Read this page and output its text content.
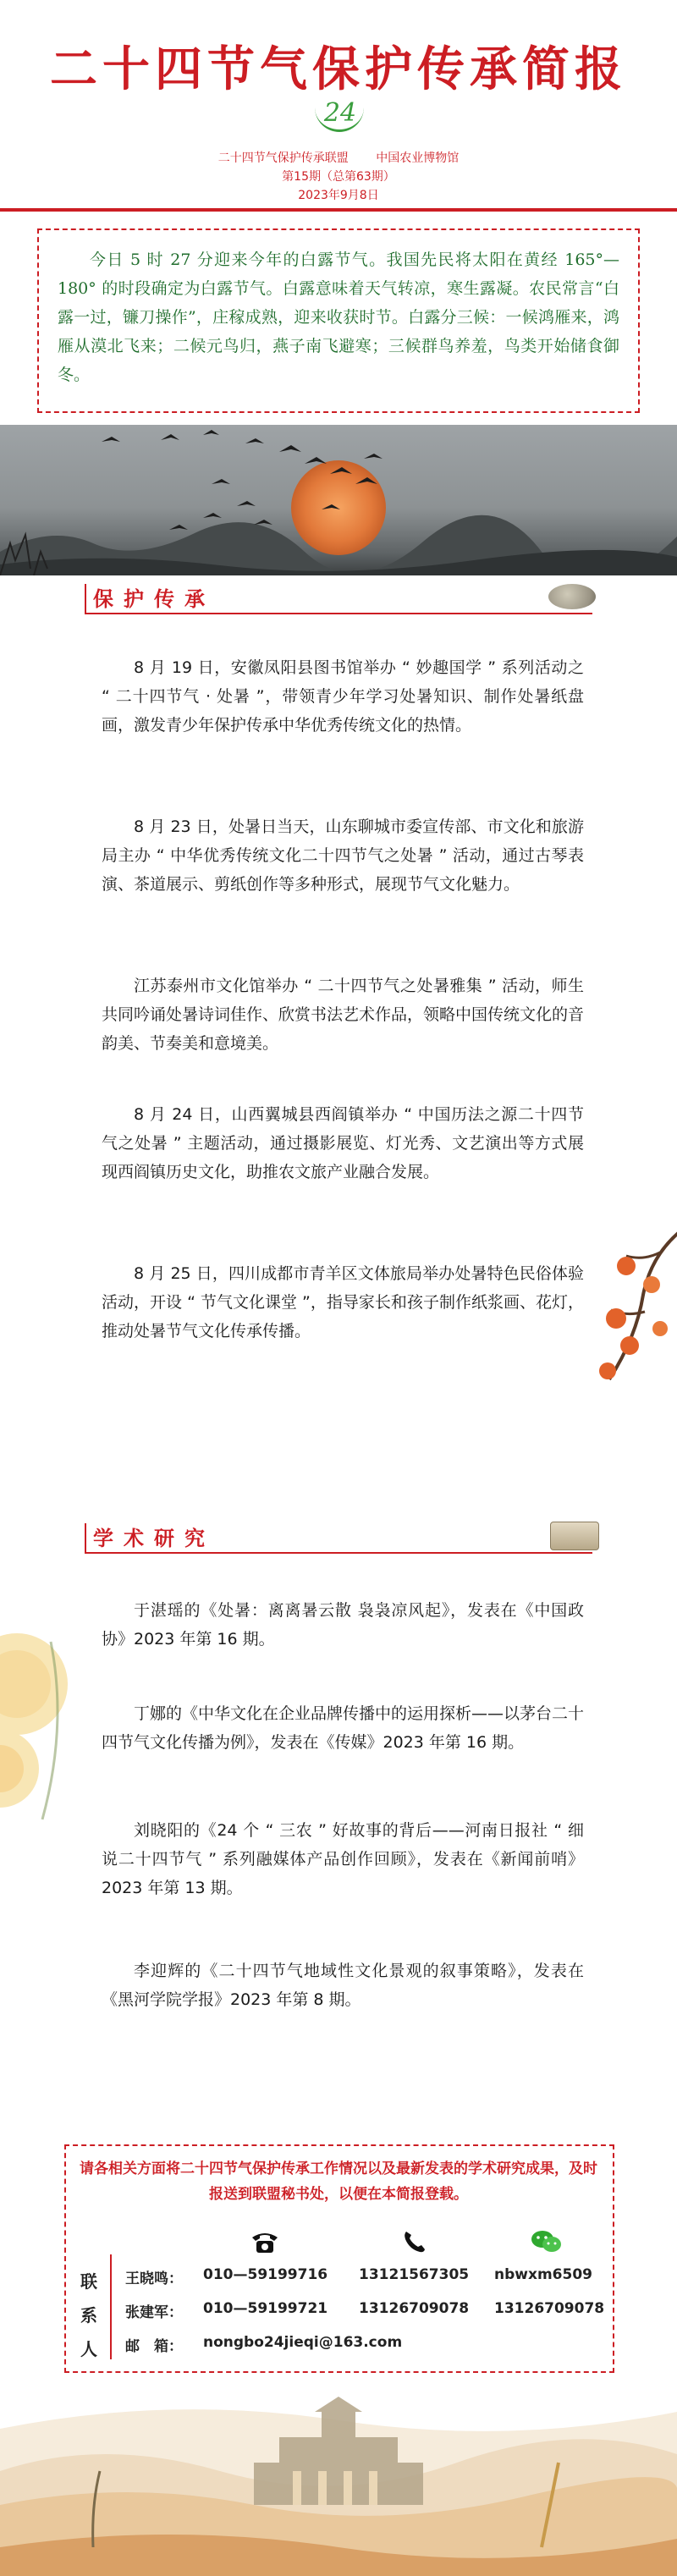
二十四节气保护传承简报
24
二十四节气保护传承联盟 中国农业博物馆
第15期（总第63期）
2023年9月8日
今日 5 时 27 分迎来今年的白露节气。我国先民将太阳在黄经 165°—180° 的时段确定为白露节气。白露意味着天气转凉，寒生露凝。农民常言“白露一过，镰刀操作”，庄稼成熟，迎来收获时节。白露分三候：一候鸿雁来，鸿雁从漠北飞来；二候元鸟归，燕子南飞避寒；三候群鸟养羞，鸟类开始储食御冬。
保护传承
8 月 19 日，安徽凤阳县图书馆举办 “ 妙趣国学 ” 系列活动之 “ 二十四节气 · 处暑 ”，带领青少年学习处暑知识、制作处暑纸盘画，激发青少年保护传承中华优秀传统文化的热情。
8 月 23 日，处暑日当天，山东聊城市委宣传部、市文化和旅游局主办 “ 中华优秀传统文化二十四节气之处暑 ” 活动，通过古琴表演、茶道展示、剪纸创作等多种形式，展现节气文化魅力。
江苏泰州市文化馆举办 “ 二十四节气之处暑雅集 ” 活动，师生共同吟诵处暑诗词佳作、欣赏书法艺术作品，领略中国传统文化的音韵美、节奏美和意境美。
8 月 24 日，山西翼城县西阎镇举办 “ 中国历法之源二十四节气之处暑 ” 主题活动，通过摄影展览、灯光秀、文艺演出等方式展现西阎镇历史文化，助推农文旅产业融合发展。
8 月 25 日，四川成都市青羊区文体旅局举办处暑特色民俗体验活动，开设 “ 节气文化课堂 ”，指导家长和孩子制作纸浆画、花灯，推动处暑节气文化传承传播。
学术研究
于湛瑶的《处暑：离离暑云散 袅袅凉风起》，发表在《中国政协》2023 年第 16 期。
丁娜的《中华文化在企业品牌传播中的运用探析——以茅台二十四节气文化传播为例》，发表在《传媒》2023 年第 16 期。
刘晓阳的《24 个 “ 三农 ” 好故事的背后——河南日报社 “ 细说二十四节气 ” 系列融媒体产品创作回顾》，发表在《新闻前哨》2023 年第 13 期。
李迎辉的《二十四节气地域性文化景观的叙事策略》，发表在《黑河学院学报》2023 年第 8 期。
请各相关方面将二十四节气保护传承工作情况以及最新发表的学术研究成果，及时报送到联盟秘书处，以便在本简报登载。
联
系
人
王晓鸣： 010—59199716 13121567305 nbwxm6509
张建军： 010—59199721 13126709078 13126709078
邮　箱： nongbo24jieqi@163.com
